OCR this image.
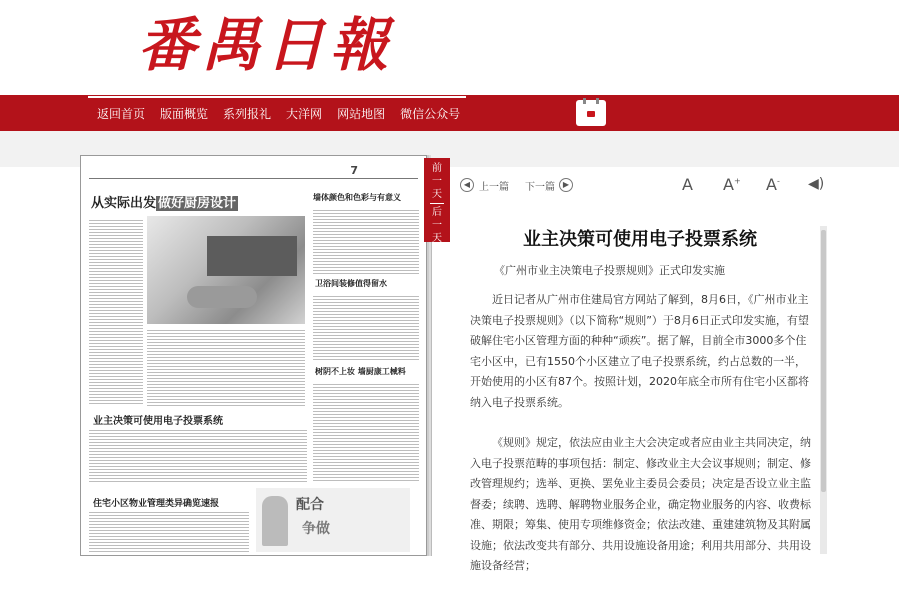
番禺日報
返回首页 版面概览 系列报礼 大洋网 网站地图 微信公众号
2019年08月16日 星期五
7
从实际出发 做好厨房设计	墙体颜色和色彩与有意义
卫浴间装修值得留水
树阴不上妆 墙厨康工械料
业主决策可使用电子投票系统
住宅小区物业管理类异确览速报	配合
争做
前
一
天
后
一
天
◀ 上一篇 下一篇 ▶	A A+ A- ◀)
业主决策可使用电子投票系统
《广州市业主决策电子投票规则》正式印发实施

近日记者从广州市住建局官方网站了解到，8月6日，《广州市业主决策电子投票规则》（以下简称“规则”）于8月6日正式印发实施，有望破解住宅小区管理方面的种种“顽疾”。据了解，目前全市3000多个住宅小区中，已有1550个小区建立了电子投票系统，约占总数的一半，开始使用的小区有87个。按照计划，2020年底全市所有住宅小区都将纳入电子投票系统。

《规则》规定，依法应由业主大会决定或者应由业主共同决定，纳入电子投票范畴的事项包括：制定、修改业主大会议事规则；制定、修改管理规约；选举、更换、罢免业主委员会委员；决定是否设立业主监督委；续聘、选聘、解聘物业服务企业，确定物业服务的内容、收费标准、期限；筹集、使用专项维修资金；依法改建、重建建筑物及其附属设施；依法改变共有部分、共用设施设备用途；利用共用部分、共用设施设备经营；
